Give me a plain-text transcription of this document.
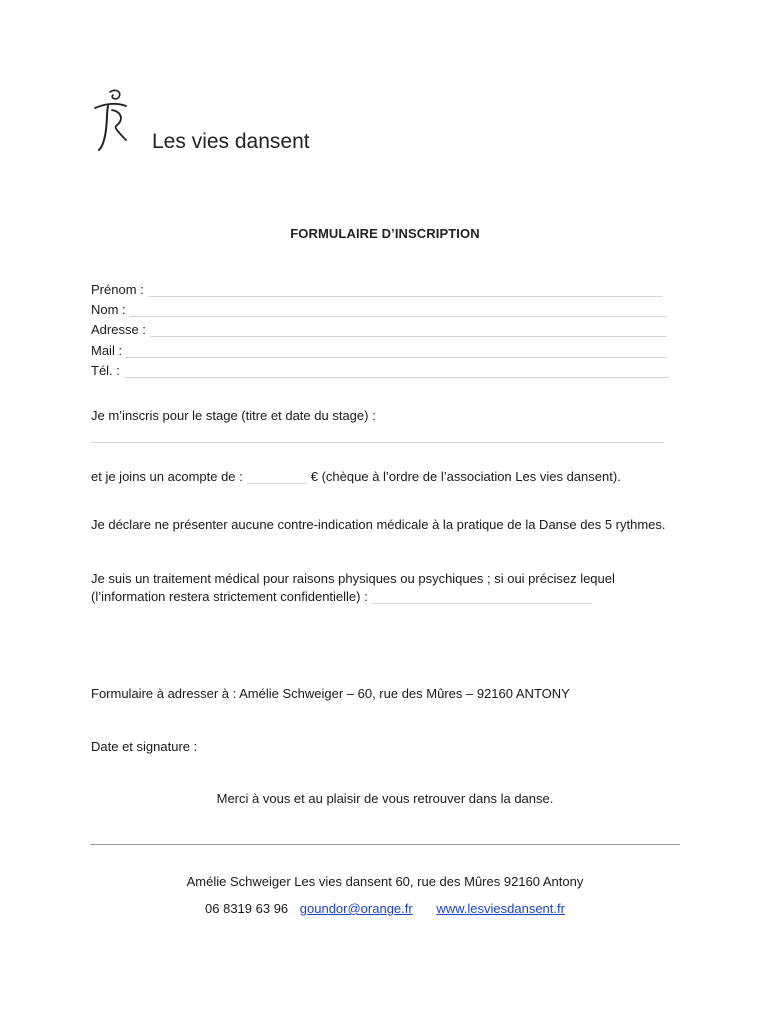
Les vies dansent
FORMULAIRE D’INSCRIPTION
Prénom :
Nom :
Adresse :
Mail :
Tél. :
Je m’inscris pour le stage (titre et date du stage) :
et je joins un acompte de :	€ (chèque à l’ordre de l’association Les vies dansent).
Je déclare ne présenter aucune contre-indication médicale à la pratique de la Danse des 5 rythmes.
Je suis un traitement médical pour raisons physiques ou psychiques ; si oui précisez lequel
(l’information restera strictement confidentielle) :
Formulaire à adresser à : Amélie Schweiger – 60, rue des Mûres – 92160 ANTONY
Date et signature :
Merci à vous et au plaisir de vous retrouver dans la danse.
Amélie Schweiger Les vies dansent 60, rue des Mûres 92160 Antony
06 8319 63 96 goundor@orange.fr www.lesviesdansent.fr
